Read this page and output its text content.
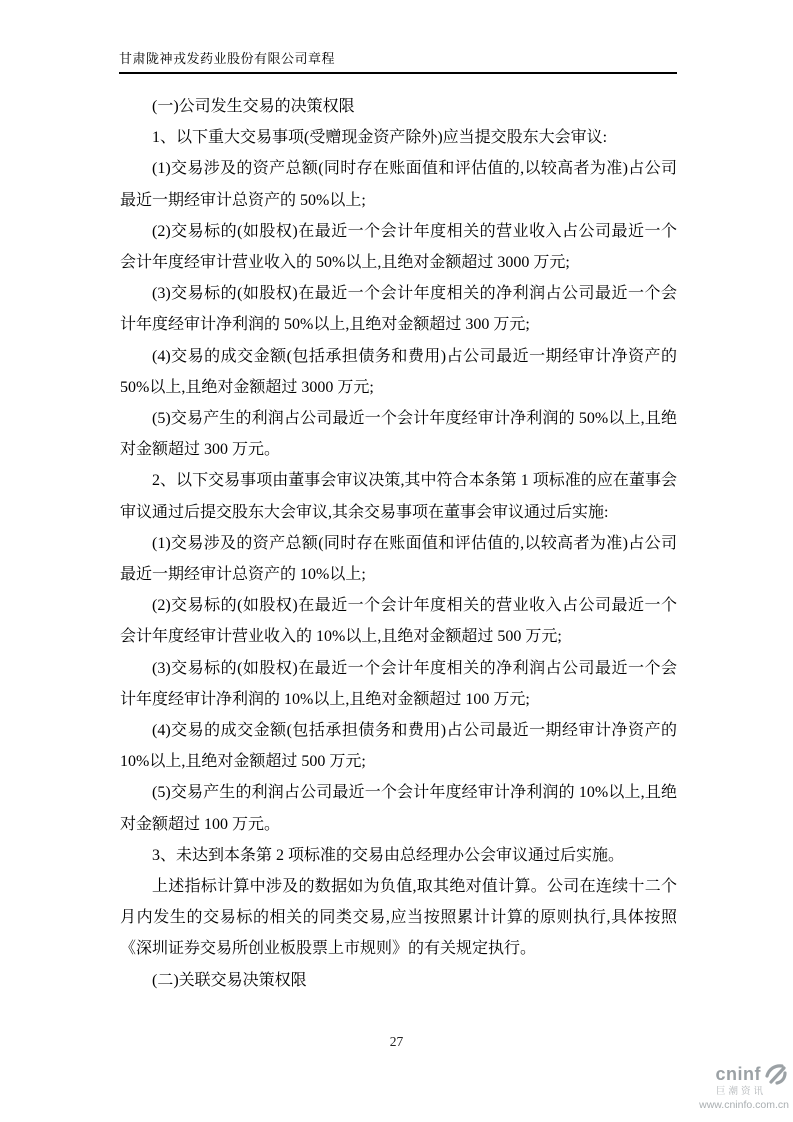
甘肃陇神戎发药业股份有限公司章程

(一)公司发生交易的决策权限

1、以下重大交易事项(受赠现金资产除外)应当提交股东大会审议:

(1)交易涉及的资产总额(同时存在账面值和评估值的,以较高者为准)占公司最近一期经审计总资产的 50%以上;

(2)交易标的(如股权)在最近一个会计年度相关的营业收入占公司最近一个会计年度经审计营业收入的 50%以上,且绝对金额超过 3000 万元;

(3)交易标的(如股权)在最近一个会计年度相关的净利润占公司最近一个会计年度经审计净利润的 50%以上,且绝对金额超过 300 万元;

(4)交易的成交金额(包括承担债务和费用)占公司最近一期经审计净资产的 50%以上,且绝对金额超过 3000 万元;

(5)交易产生的利润占公司最近一个会计年度经审计净利润的 50%以上,且绝对金额超过 300 万元。

2、以下交易事项由董事会审议决策,其中符合本条第 1 项标准的应在董事会审议通过后提交股东大会审议,其余交易事项在董事会审议通过后实施:

(1)交易涉及的资产总额(同时存在账面值和评估值的,以较高者为准)占公司最近一期经审计总资产的 10%以上;

(2)交易标的(如股权)在最近一个会计年度相关的营业收入占公司最近一个会计年度经审计营业收入的 10%以上,且绝对金额超过 500 万元;

(3)交易标的(如股权)在最近一个会计年度相关的净利润占公司最近一个会计年度经审计净利润的 10%以上,且绝对金额超过 100 万元;

(4)交易的成交金额(包括承担债务和费用)占公司最近一期经审计净资产的 10%以上,且绝对金额超过 500 万元;

(5)交易产生的利润占公司最近一个会计年度经审计净利润的 10%以上,且绝对金额超过 100 万元。

3、未达到本条第 2 项标准的交易由总经理办公会审议通过后实施。

上述指标计算中涉及的数据如为负值,取其绝对值计算。公司在连续十二个月内发生的交易标的相关的同类交易,应当按照累计计算的原则执行,具体按照《深圳证券交易所创业板股票上市规则》的有关规定执行。

(二)关联交易决策权限

27
cninf
巨潮资讯
www.cninfo.com.cn
